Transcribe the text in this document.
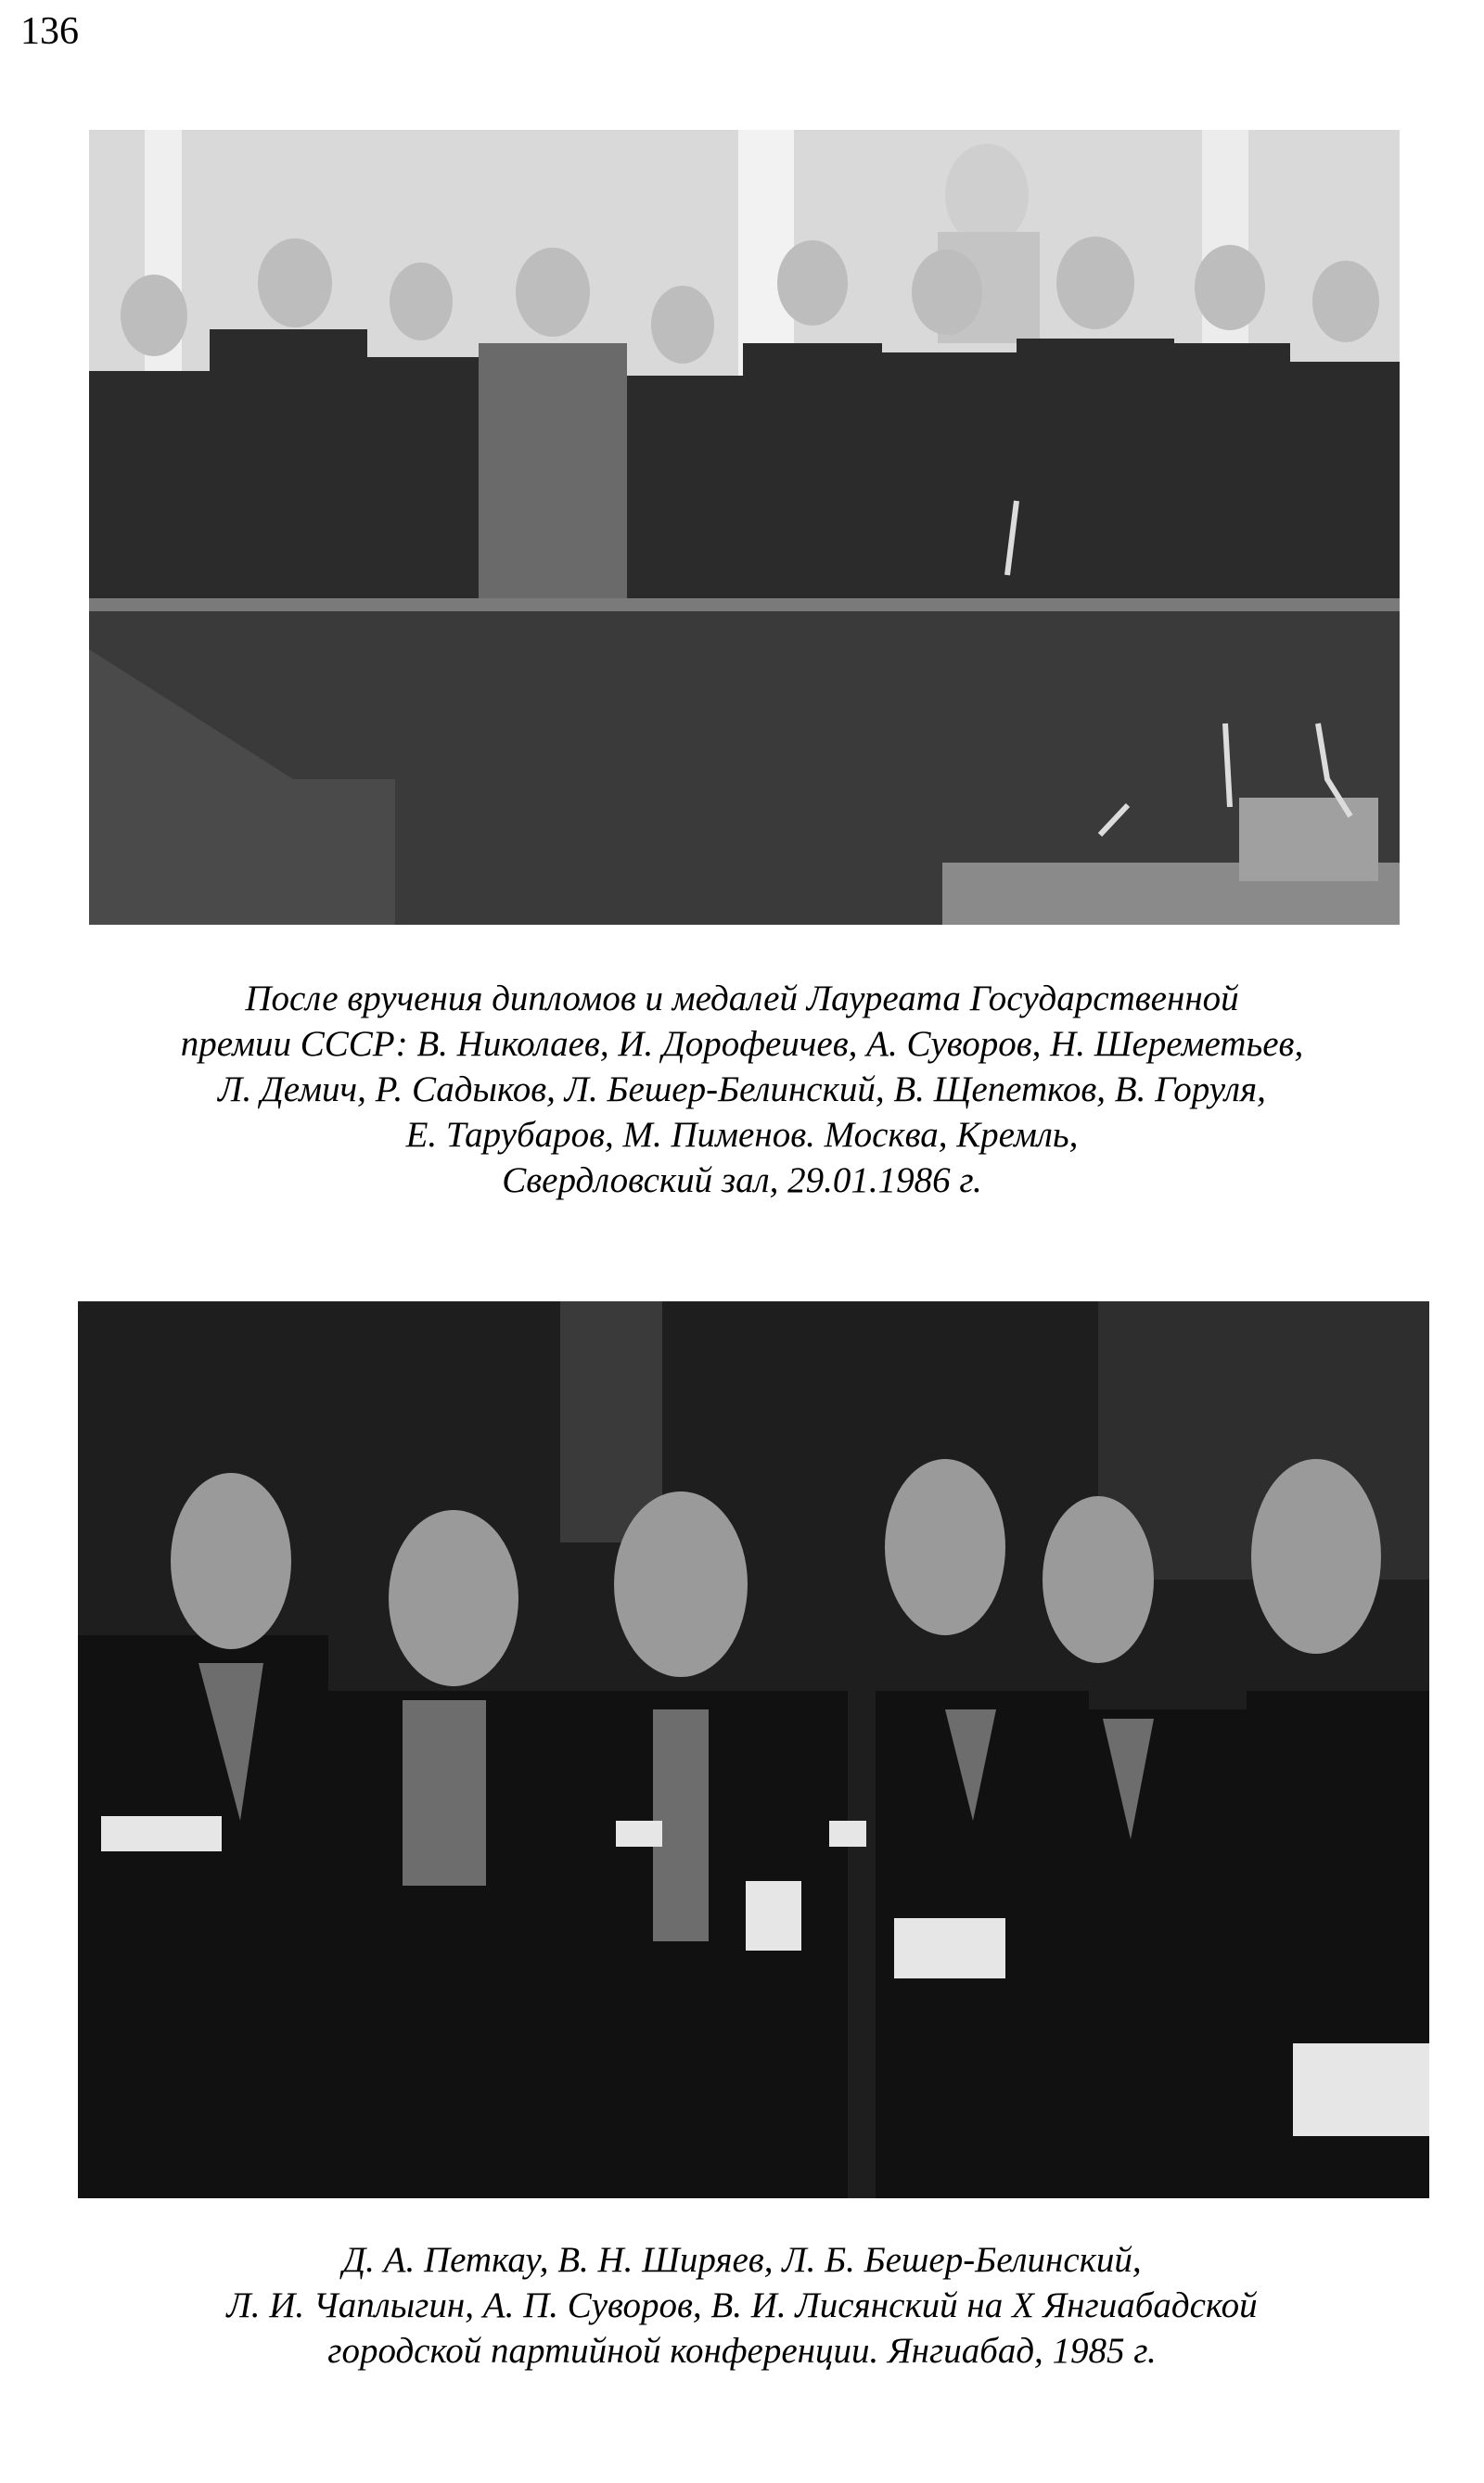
136
После вручения дипломов и медалей Лауреата Государственной
премии СССР: В. Николаев, И. Дорофеичев, А. Суворов, Н. Шереметьев,
Л. Демич, Р. Садыков, Л. Бешер-Белинский, В. Щепетков, В. Горуля,
Е. Тарубаров, М. Пименов. Москва, Кремль,
Свердловский зал, 29.01.1986 г.
Д. А. Петкау, В. Н. Ширяев, Л. Б. Бешер-Белинский,
Л. И. Чаплыгин, А. П. Суворов, В. И. Лисянский на X Янгиабадской
городской партийной конференции. Янгиабад, 1985 г.
